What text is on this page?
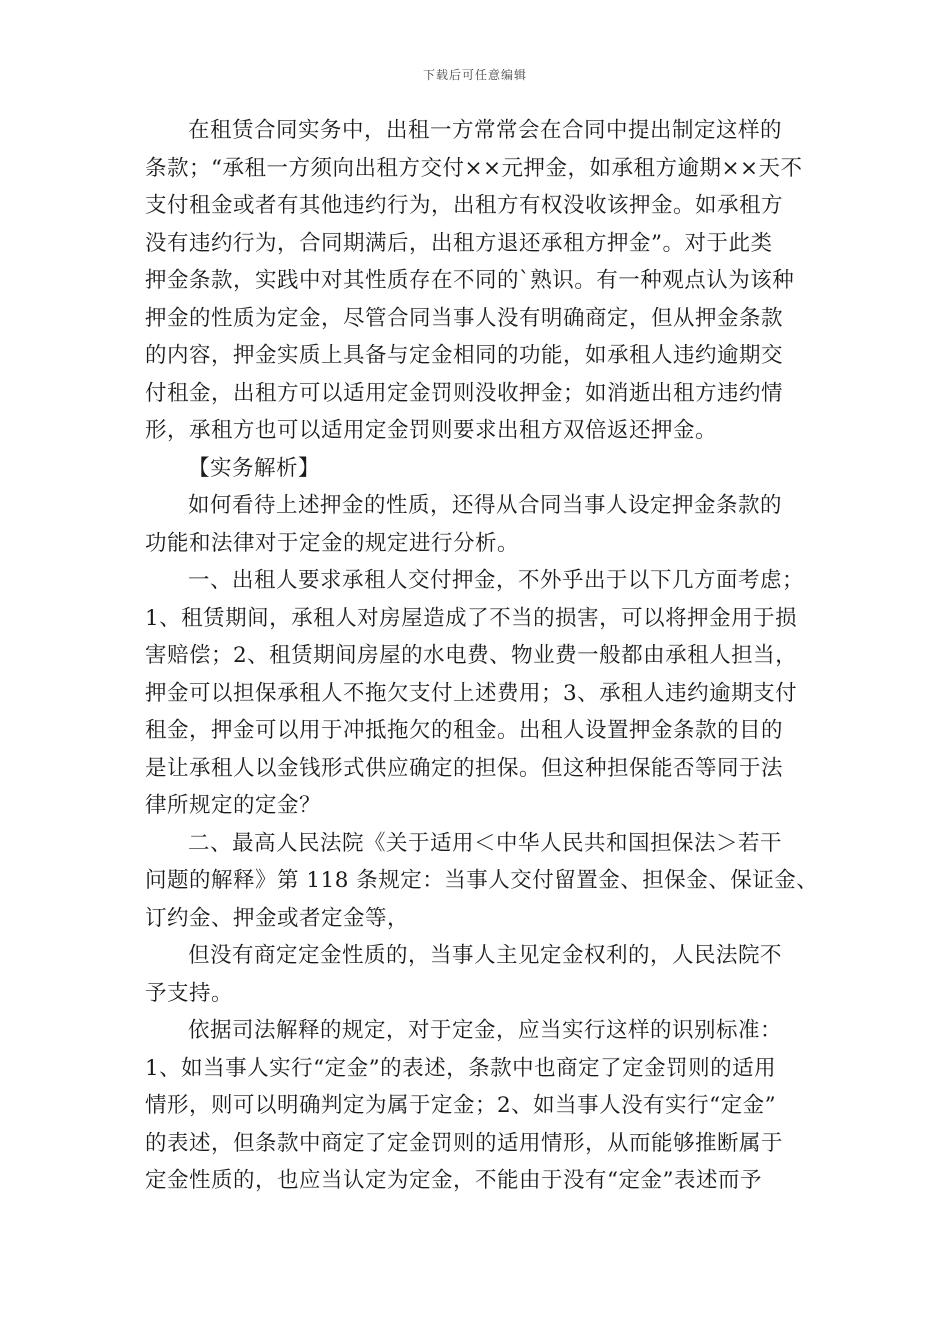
下载后可任意编辑
在租赁合同实务中，出租一方常常会在合同中提出制定这样的
条款；“承租一方须向出租方交付××元押金，如承租方逾期××天不
支付租金或者有其他违约行为，出租方有权没收该押金。如承租方
没有违约行为，合同期满后，出租方退还承租方押金”。对于此类
押金条款，实践中对其性质存在不同的`熟识。有一种观点认为该种
押金的性质为定金，尽管合同当事人没有明确商定，但从押金条款
的内容，押金实质上具备与定金相同的功能，如承租人违约逾期交
付租金，出租方可以适用定金罚则没收押金；如消逝出租方违约情
形，承租方也可以适用定金罚则要求出租方双倍返还押金。
【实务解析】
如何看待上述押金的性质，还得从合同当事人设定押金条款的
功能和法律对于定金的规定进行分析。
一、出租人要求承租人交付押金，不外乎出于以下几方面考虑；
1、租赁期间，承租人对房屋造成了不当的损害，可以将押金用于损
害赔偿；2、租赁期间房屋的水电费、物业费一般都由承租人担当，
押金可以担保承租人不拖欠支付上述费用；3、承租人违约逾期支付
租金，押金可以用于冲抵拖欠的租金。出租人设置押金条款的目的
是让承租人以金钱形式供应确定的担保。但这种担保能否等同于法
律所规定的定金？
二、最高人民法院《关于适用＜中华人民共和国担保法＞若干
问题的解释》第 118 条规定：当事人交付留置金、担保金、保证金、
订约金、押金或者定金等，
但没有商定定金性质的，当事人主见定金权利的，人民法院不
予支持。
依据司法解释的规定，对于定金，应当实行这样的识别标准：
1、如当事人实行“定金”的表述，条款中也商定了定金罚则的适用
情形，则可以明确判定为属于定金；2、如当事人没有实行“定金”
的表述，但条款中商定了定金罚则的适用情形，从而能够推断属于
定金性质的，也应当认定为定金，不能由于没有“定金”表述而予
